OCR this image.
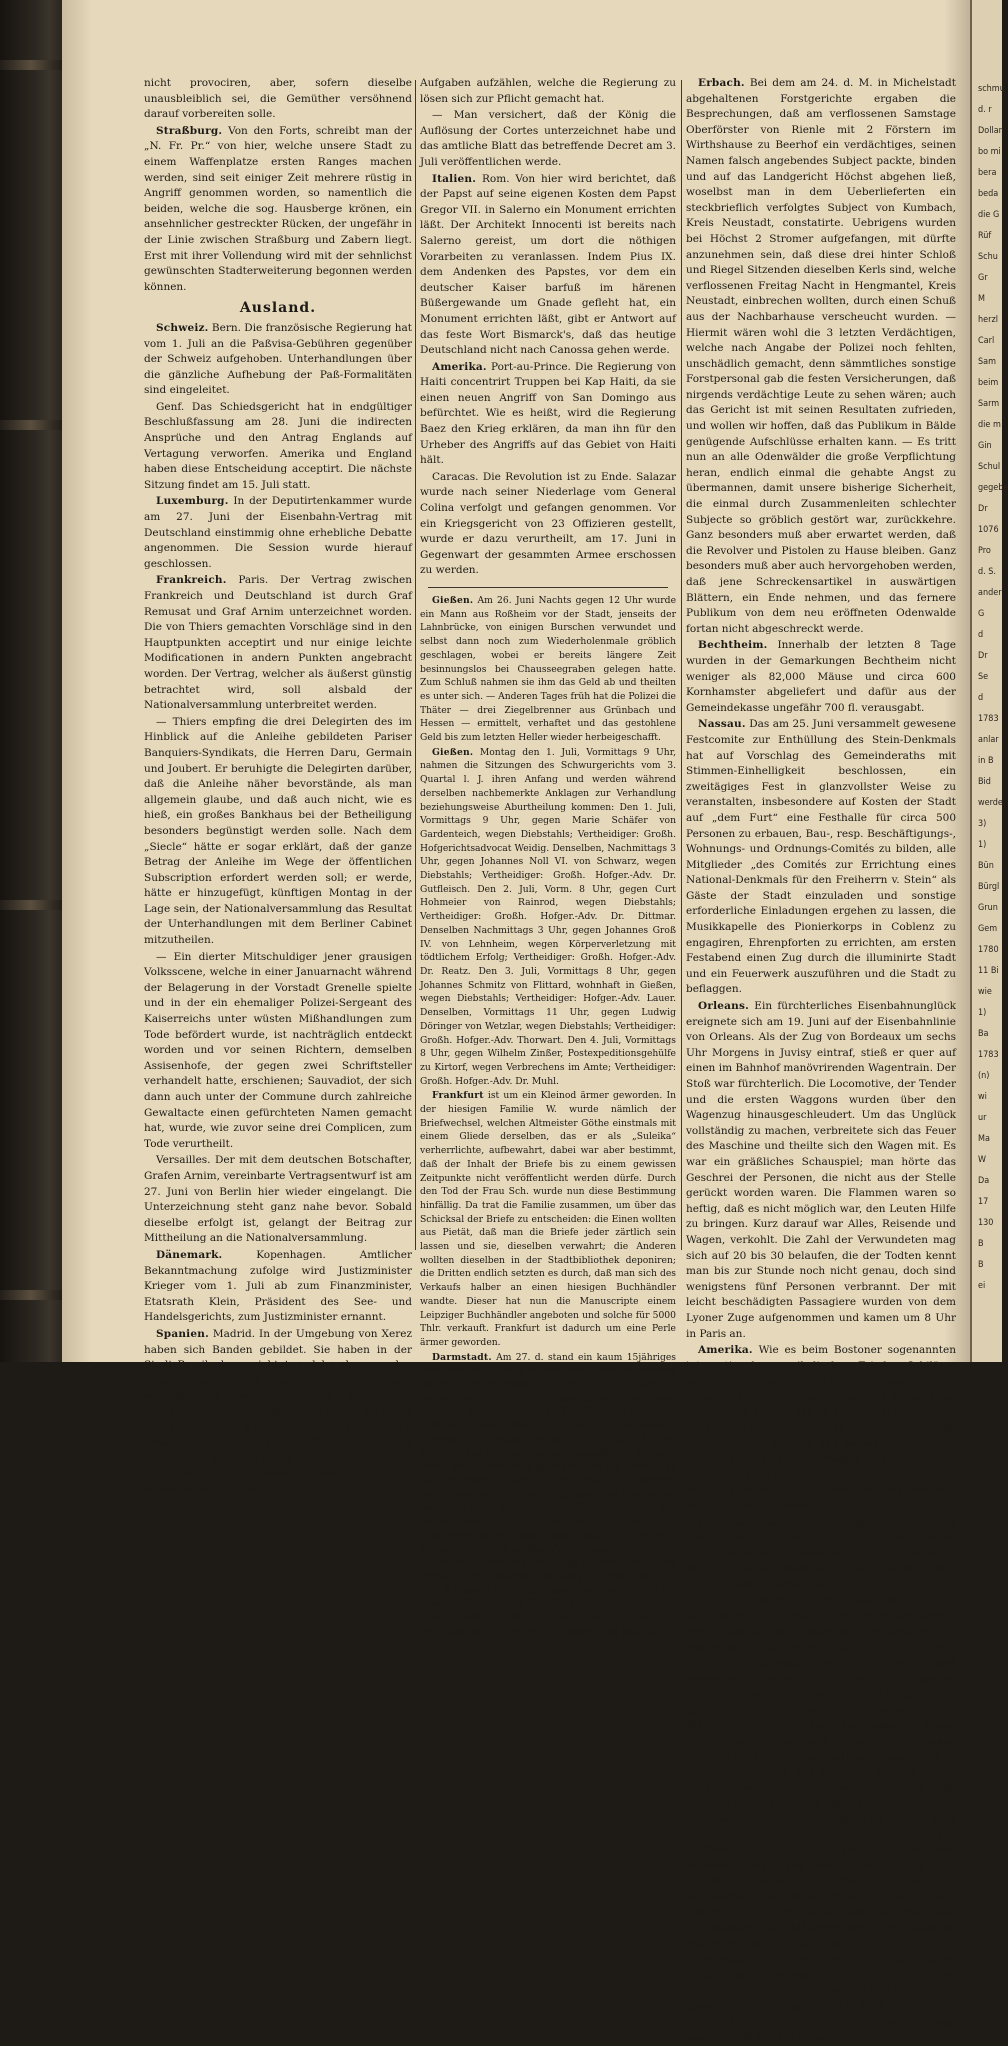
nicht provociren, aber, sofern dieselbe unausbleiblich sei, die Gemüther versöhnend darauf vorbereiten solle.

Straßburg. Von den Forts, schreibt man der „N. Fr. Pr.“ von hier, welche unsere Stadt zu einem Waffenplatze ersten Ranges machen werden, sind seit einiger Zeit mehrere rüstig in Angriff genommen worden, so namentlich die beiden, welche die sog. Hausberge krönen, ein ansehnlicher gestreckter Rücken, der ungefähr in der Linie zwischen Straßburg und Zabern liegt. Erst mit ihrer Vollendung wird mit der sehnlichst gewünschten Stadterweiterung begonnen werden können.

Ausland.

Schweiz. Bern. Die französische Regierung hat vom 1. Juli an die Paßvisa-Gebühren gegenüber der Schweiz aufgehoben. Unterhandlungen über die gänzliche Aufhebung der Paß-Formalitäten sind eingeleitet.

Genf. Das Schiedsgericht hat in endgültiger Beschlußfassung am 28. Juni die indirecten Ansprüche und den Antrag Englands auf Vertagung verworfen. Amerika und England haben diese Entscheidung acceptirt. Die nächste Sitzung findet am 15. Juli statt.

Luxemburg. In der Deputirtenkammer wurde am 27. Juni der Eisenbahn-Vertrag mit Deutschland einstimmig ohne erhebliche Debatte angenommen. Die Session wurde hierauf geschlossen.

Frankreich. Paris. Der Vertrag zwischen Frankreich und Deutschland ist durch Graf Remusat und Graf Arnim unterzeichnet worden. Die von Thiers gemachten Vorschläge sind in den Hauptpunkten acceptirt und nur einige leichte Modificationen in andern Punkten angebracht worden. Der Vertrag, welcher als äußerst günstig betrachtet wird, soll alsbald der Nationalversammlung unterbreitet werden.

— Thiers empfing die drei Delegirten des im Hinblick auf die Anleihe gebildeten Pariser Banquiers-Syndikats, die Herren Daru, Germain und Joubert. Er beruhigte die Delegirten darüber, daß die Anleihe näher bevorstände, als man allgemein glaube, und daß auch nicht, wie es hieß, ein großes Bankhaus bei der Betheiligung besonders begünstigt werden solle. Nach dem „Siecle“ hätte er sogar erklärt, daß der ganze Betrag der Anleihe im Wege der öffentlichen Subscription erfordert werden soll; er werde, hätte er hinzugefügt, künftigen Montag in der Lage sein, der Nationalversammlung das Resultat der Unterhandlungen mit dem Berliner Cabinet mitzutheilen.

— Ein dierter Mitschuldiger jener grausigen Volksscene, welche in einer Januarnacht während der Belagerung in der Vorstadt Grenelle spielte und in der ein ehemaliger Polizei-Sergeant des Kaiserreichs unter wüsten Mißhandlungen zum Tode befördert wurde, ist nachträglich entdeckt worden und vor seinen Richtern, demselben Assisenhofe, der gegen zwei Schriftsteller verhandelt hatte, erschienen; Sauvadiot, der sich dann auch unter der Commune durch zahlreiche Gewaltacte einen gefürchteten Namen gemacht hat, wurde, wie zuvor seine drei Complicen, zum Tode verurtheilt.

Versailles. Der mit dem deutschen Botschafter, Grafen Arnim, vereinbarte Vertragsentwurf ist am 27. Juni von Berlin hier wieder eingelangt. Die Unterzeichnung steht ganz nahe bevor. Sobald dieselbe erfolgt ist, gelangt der Beitrag zur Mittheilung an die Nationalversammlung.

Dänemark.	Kopenhagen. Amtlicher Bekanntmachung zufolge wird Justizminister Krieger vom 1. Juli ab zum Finanzminister, Etatsrath Klein, Präsident des See- und Handelsgerichts, zum Justizminister ernannt.

Spanien. Madrid. In der Umgebung von Xerez haben sich Banden gebildet. Sie haben in der Stadt Barrikaden errichtet, welche aber von den Truppen genommen wurden. Die Cavalerie verfolgte die Insurgenten und machte 51 Gefangene. Die Bürgergarde von Puerto de Santa Maria machte gleichfalls Gefangene. Man erwartet demnächst die Veröffentlichung eines Manifestes der Regierung. Dasselbe wird die politischen, administrativen und volkswirthschaftlichen

Aufgaben aufzählen, welche die Regierung zu lösen sich zur Pflicht gemacht hat.

— Man versichert, daß der König die Auflösung der Cortes unterzeichnet habe und das amtliche Blatt das betreffende Decret am 3. Juli veröffentlichen werde.

Italien. Rom. Von hier wird berichtet, daß der Papst auf seine eigenen Kosten dem Papst Gregor VII. in Salerno ein Monument errichten läßt. Der Architekt Innocenti ist bereits nach Salerno gereist, um dort die nöthigen Vorarbeiten zu veranlassen. Indem Pius IX. dem Andenken des Papstes, vor dem ein deutscher Kaiser barfuß im härenen Büßergewande um Gnade gefleht hat, ein Monument errichten läßt, gibt er Antwort auf das feste Wort Bismarck's, daß das heutige Deutschland nicht nach Canossa gehen werde.

Amerika. Port-au-Prince. Die Regierung von Haiti concentrirt Truppen bei Kap Haiti, da sie einen neuen Angriff von San Domingo aus befürchtet. Wie es heißt, wird die Regierung Baez den Krieg erklären, da man ihn für den Urheber des Angriffs auf das Gebiet von Haiti hält.

Caracas. Die Revolution ist zu Ende. Salazar wurde nach seiner Niederlage vom General Colina verfolgt und gefangen genommen. Vor ein Kriegsgericht von 23 Offizieren gestellt, wurde er dazu verurtheilt, am 17. Juni in Gegenwart der gesammten Armee erschossen zu werden.

Gießen. Am 26. Juni Nachts gegen 12 Uhr wurde ein Mann aus Roßheim vor der Stadt, jenseits der Lahnbrücke, von einigen Burschen verwundet und selbst dann noch zum Wiederholenmale gröblich geschlagen, wobei er bereits längere Zeit besinnungslos bei Chausseegraben gelegen hatte. Zum Schluß nahmen sie ihm das Geld ab und theilten es unter sich. — Anderen Tages früh hat die Polizei die Thäter — drei Ziegelbrenner aus Grünbach und Hessen — ermittelt, verhaftet und das gestohlene Geld bis zum letzten Heller wieder herbeigeschafft.

Gießen. Montag den 1. Juli, Vormittags 9 Uhr, nahmen die Sitzungen des Schwurgerichts vom 3. Quartal l. J. ihren Anfang und werden während derselben nachbemerkte Anklagen zur Verhandlung beziehungsweise Aburtheilung kommen: Den 1. Juli, Vormittags 9 Uhr, gegen Marie Schäfer von Gardenteich, wegen Diebstahls; Vertheidiger: Großh. Hofgerichtsadvocat Weidig. Denselben, Nachmittags 3 Uhr, gegen Johannes Noll VI. von Schwarz, wegen Diebstahls; Vertheidiger: Großh. Hofger.-Adv. Dr. Gutfleisch. Den 2. Juli, Vorm. 8 Uhr, gegen Curt Hohmeier von Rainrod, wegen Diebstahls; Vertheidiger: Großh. Hofger.-Adv. Dr. Dittmar. Denselben Nachmittags 3 Uhr, gegen Johannes Groß IV. von Lehnheim, wegen Körperverletzung mit tödtlichem Erfolg; Vertheidiger: Großh. Hofger.-Adv. Dr. Reatz. Den 3. Juli, Vormittags 8 Uhr, gegen Johannes Schmitz von Flittard, wohnhaft in Gießen, wegen Diebstahls; Vertheidiger: Hofger.-Adv. Lauer. Denselben, Vormittags 11 Uhr, gegen Ludwig Döringer von Wetzlar, wegen Diebstahls; Vertheidiger: Großh. Hofger.-Adv. Thorwart. Den 4. Juli, Vormittags 8 Uhr, gegen Wilhelm Zinßer, Postexpeditionsgehülfe zu Kirtorf, wegen Verbrechens im Amte; Vertheidiger: Großh. Hofger.-Adv. Dr. Muhl.

Frankfurt ist um ein Kleinod ärmer geworden. In der hiesigen Familie W. wurde nämlich der Briefwechsel, welchen Altmeister Göthe einstmals mit einem Gliede derselben, das er als „Suleika“ verherrlichte, aufbewahrt, dabei war aber bestimmt, daß der Inhalt der Briefe bis zu einem gewissen Zeitpunkte nicht veröffentlicht werden dürfe. Durch den Tod der Frau Sch. wurde nun diese Bestimmung hinfällig. Da trat die Familie zusammen, um über das Schicksal der Briefe zu entscheiden: die Einen wollten aus Pietät, daß man die Briefe jeder zärtlich sein lassen und sie, dieselben verwahrt; die Anderen wollten dieselben in der Stadtbibliothek deponiren; die Dritten endlich setzten es durch, daß man sich des Verkaufs halber an einen hiesigen Buchhändler wandte. Dieser hat nun die Manuscripte einem Leipziger Buchhändler angeboten und solche für 5000 Thlr. verkauft. Frankfurt ist dadurch um eine Perle ärmer geworden.

Darmstadt. Am 27. d. stand ein kaum 15jähriges Mädchen Anna Maria Werner von Klein-Krotzenburg wegen Mordversuchs vor dem hiesigen Bezirksstrafgericht. Die im Wesentlichen eingeräumte Anklage ging dahin, daß die Beschuldigte, eine äußerst beschränkte, jedoch keineswegs unzurechnungsfähige Person, ein sechsjähriges Mädchen aus Zorn darüber, weil dasselbe sie beleidigt haben soll, in den Main getragen, und die Absicht, es zu ertränken, durch verschiedene, beharrlich wiederholte Versuche bethätigt habe. Das Kind wurde nur durch einen glücklichen Zufall vor dem Tod in den Wellen durch einen Fuhrmann gerettet. Die Staatsanwaltschaft beantragte wegen versuchten Mordes eine Gefängnißstrafe von zwei Jahren. Der Gerichtshof fand die Angeklagte jedoch nur des Versuchs des Todtschlags schuldig und erkannte auf 1 Jahr 8 Monate Gefängniß, gegen welches Urtheil die Staatsbehörde sofort Berufung einlegte. — Ueber unserer Stadt entluden sich am 27. Juni mehr weniger als 4 Gewitter, theilweise von Hagelschlag begleitet.

Erbach. Bei dem am 24. d. M. in Michelstadt abgehaltenen Forstgerichte ergaben die Besprechungen, daß am verflossenen Samstage Oberförster von Rienle mit 2 Förstern im Wirthshause zu Beerhof ein verdächtiges, seinen Namen falsch angebendes Subject packte, binden und auf das Landgericht Höchst abgehen ließ, woselbst man in dem Ueberlieferten ein steckbrieflich verfolgtes Subject von Kumbach, Kreis Neustadt, constatirte. Uebrigens wurden bei Höchst 2 Stromer aufgefangen, mit dürfte anzunehmen sein, daß diese drei hinter Schloß und Riegel Sitzenden dieselben Kerls sind, welche verflossenen Freitag Nacht in Hengmantel, Kreis Neustadt, einbrechen wollten, durch einen Schuß aus der Nachbarhause verscheucht wurden. — Hiermit wären wohl die 3 letzten Verdächtigen, welche nach Angabe der Polizei noch fehlten, unschädlich gemacht, denn sämmtliches sonstige Forstpersonal gab die festen Versicherungen, daß nirgends verdächtige Leute zu sehen wären; auch das Gericht ist mit seinen Resultaten zufrieden, und wollen wir hoffen, daß das Publikum in Bälde genügende Aufschlüsse erhalten kann. — Es tritt nun an alle Odenwälder die große Verpflichtung heran, endlich einmal die gehabte Angst zu übermannen, damit unsere bisherige Sicherheit, die einmal durch Zusammenleiten schlechter Subjecte so gröblich gestört war, zurückkehre. Ganz besonders muß aber erwartet werden, daß die Revolver und Pistolen zu Hause bleiben. Ganz besonders muß aber auch hervorgehoben werden, daß jene Schreckensartikel in auswärtigen Blättern, ein Ende nehmen, und das fernere Publikum von dem neu eröffneten Odenwalde fortan nicht abgeschreckt werde.

Bechtheim. Innerhalb der letzten 8 Tage wurden in der Gemarkungen Bechtheim nicht weniger als 82,000 Mäuse und circa 600 Kornhamster abgeliefert und dafür aus der Gemeindekasse ungefähr 700 fl. verausgabt.

Nassau. Das am 25. Juni versammelt gewesene Festcomite zur Enthüllung des Stein-Denkmals hat auf Vorschlag des Gemeinderaths mit Stimmen-Einhelligkeit beschlossen, ein zweitägiges Fest in glanzvollster Weise zu veranstalten, insbesondere auf Kosten der Stadt auf „dem Furt“ eine Festhalle für circa 500 Personen zu erbauen, Bau-, resp. Beschäftigungs-, Wohnungs- und Ordnungs-Comités zu bilden, alle Mitglieder „des Comités zur Errichtung eines National-Denkmals für den Freiherrn v. Stein“ als Gäste der Stadt einzuladen und sonstige erforderliche Einladungen ergehen zu lassen, die Musikkapelle des Pionierkorps in Coblenz zu engagiren, Ehrenpforten zu errichten, am ersten Festabend einen Zug durch die illuminirte Stadt und ein Feuerwerk auszuführen und die Stadt zu beflaggen.

Orleans. Ein fürchterliches Eisenbahnunglück ereignete sich am 19. Juni auf der Eisenbahnlinie von Orleans. Als der Zug von Bordeaux um sechs Uhr Morgens in Juvisy eintraf, stieß er quer auf einen im Bahnhof manövrirenden Wagentrain. Der Stoß war fürchterlich. Die Locomotive, der Tender und die ersten Waggons wurden über den Wagenzug hinausgeschleudert. Um das Unglück vollständig zu machen, verbreitete sich das Feuer des Maschine und theilte sich den Wagen mit. Es war ein gräßliches Schauspiel; man hörte das Geschrei der Personen, die nicht aus der Stelle gerückt worden waren. Die Flammen waren so heftig, daß es nicht möglich war, den Leuten Hilfe zu bringen. Kurz darauf war Alles, Reisende und Wagen, verkohlt. Die Zahl der Verwundeten mag sich auf 20 bis 30 belaufen, die der Todten kennt man bis zur Stunde noch nicht genau, doch sind wenigstens fünf Personen verbrannt. Der mit leicht beschädigten Passagiere wurden von dem Lyoner Zuge aufgenommen und kamen um 8 Uhr in Paris an.

Amerika. Wie es beim Bostoner sogenannten internationalen musikalischen Friedens-Jubiläum um die Musik steht, ist aus einem Kabeltelegramm zu ersehen, welches die wichtige Mittheilung macht, daß in der Jubiläumshalle ein großer Ball stattfand, an welchem 27,000 Personen Theil nahmen und bei welchem Walzer-Strauß den Taktstock schwang. Die Amerikaner haben übrigens für diesen Spectakel einen neuen Namen gefunden, sie nennen ihn: „das Bostoner musikalische (?) Erdbeben.“

In New-York hat dieser Tage eine Hochzeit stattgefunden, der eine eigenthümliche Liebesgeschichte vorherging. Ein Kaufmann in der Amity-Street daselbst, Namens Bischof, hatte eine reizende Tochter von 17 Jahren, Ida, und einen Clerk, Namens John Brown, 24 Jahre alt. Die jungen Leute liebten sich und letzten Winter hielt Brown bei Ida's Vater um ihre Hand an. Der wohlhabende Kaufmann fertigte den Freier zwar höflich ab und sagte daher, da er wüßte, daß Brown kaum mehr als 200 Dollars von seinem Gehalte erspart hatte, vor mehreren Zeugen: „Ich gebe Ihnen meine Tochter nur, wenn Sie im Stande sind, sie mit Gold aufzuwägen.“ Brown griff diese Idee auf und verlangte die Zusage schriftlich. In einer übermüthigen Laune und in der Ueberzeugung, daß der Clerk niemals so viel Gold zusammenbringen werde, wurde die schriftliche Zusicherung gegeben, von Bischof und zwei Zeugen unterfertigt, und Brown barg das Papier in der Tasche, so reiste er nach Californien ab, um Goldgräber zu werden. Mehrere Monate lang erwab er sehr wenig, aber er blieb in steter Correspondenz mit Ida, und versicherte dieser allen Ernstes, er werde nicht ruhen, bis er im Stande sei, sie mit Gold aufzuwiegen. Das Mädchen ließ sich insgeheim abwiegen und sendete ihm die Ziffer ihres Gewichtes. Das gleiche Gewicht in Gold hätte an 36,000 Dollars betragen. Plötzlich machte Brown einen Goldfund im Werthe von 20,000 Dollars und gewann einige Tage darauf 3000 Dollars im Spiele. Nachdem er von dem letzteren Betrage wieder 2000 Dollars verloren,

schmu
d. r
Dollar
bo mi
bera
beda
die G
Rüf
Schu
Gr
M
herzl
Carl
Sam
beim
Sarm
die m
Gin
Schul
gegebe
Dr
1076
Pro
d. S.
ander
G
d
Dr
Se
d
1783
anlar
in B
Bid
werde
3)
1)
Bün
Bürgl
Grun
Gem
1780
11 Bi
wie
1)
Ba
1783
(n)
wi
ur
Ma
W
Da
17
130
B
B
ei
